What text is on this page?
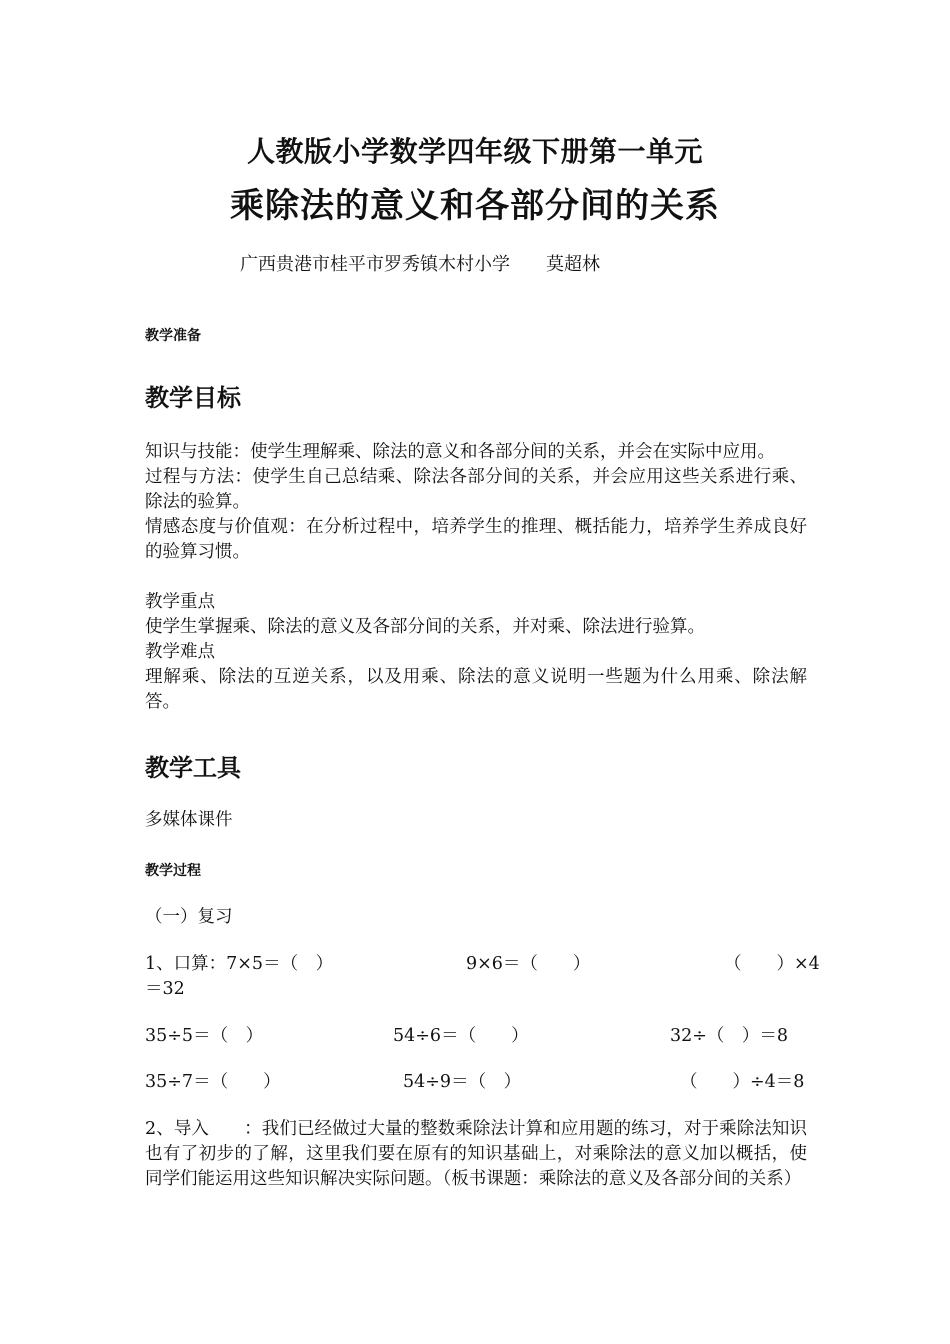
人教版小学数学四年级下册第一单元
乘除法的意义和各部分间的关系
广西贵港市桂平市罗秀镇木村小学　　莫超林
教学准备
教学目标
知识与技能：使学生理解乘、除法的意义和各部分间的关系，并会在实际中应用。
过程与方法：使学生自己总结乘、除法各部分间的关系，并会应用这些关系进行乘、除法的验算。
情感态度与价值观：在分析过程中，培养学生的推理、概括能力，培养学生养成良好的验算习惯。
教学重点
使学生掌握乘、除法的意义及各部分间的关系，并对乘、除法进行验算。
教学难点
理解乘、除法的互逆关系，以及用乘、除法的意义说明一些题为什么用乘、除法解答。
教学工具
多媒体课件
教学过程
（一）复习
1、口算：7×5＝（　）	9×6＝（　　）	（　　）×4
＝32
35÷5＝（　）	54÷6＝（　　）	32÷（　）＝8
35÷7＝（　　）	54÷9＝（　）	（　　）÷4＝8
2、导入　　：我们已经做过大量的整数乘除法计算和应用题的练习，对于乘除法知识也有了初步的了解，这里我们要在原有的知识基础上，对乘除法的意义加以概括，使同学们能运用这些知识解决实际问题。（板书课题：乘除法的意义及各部分间的关系）
